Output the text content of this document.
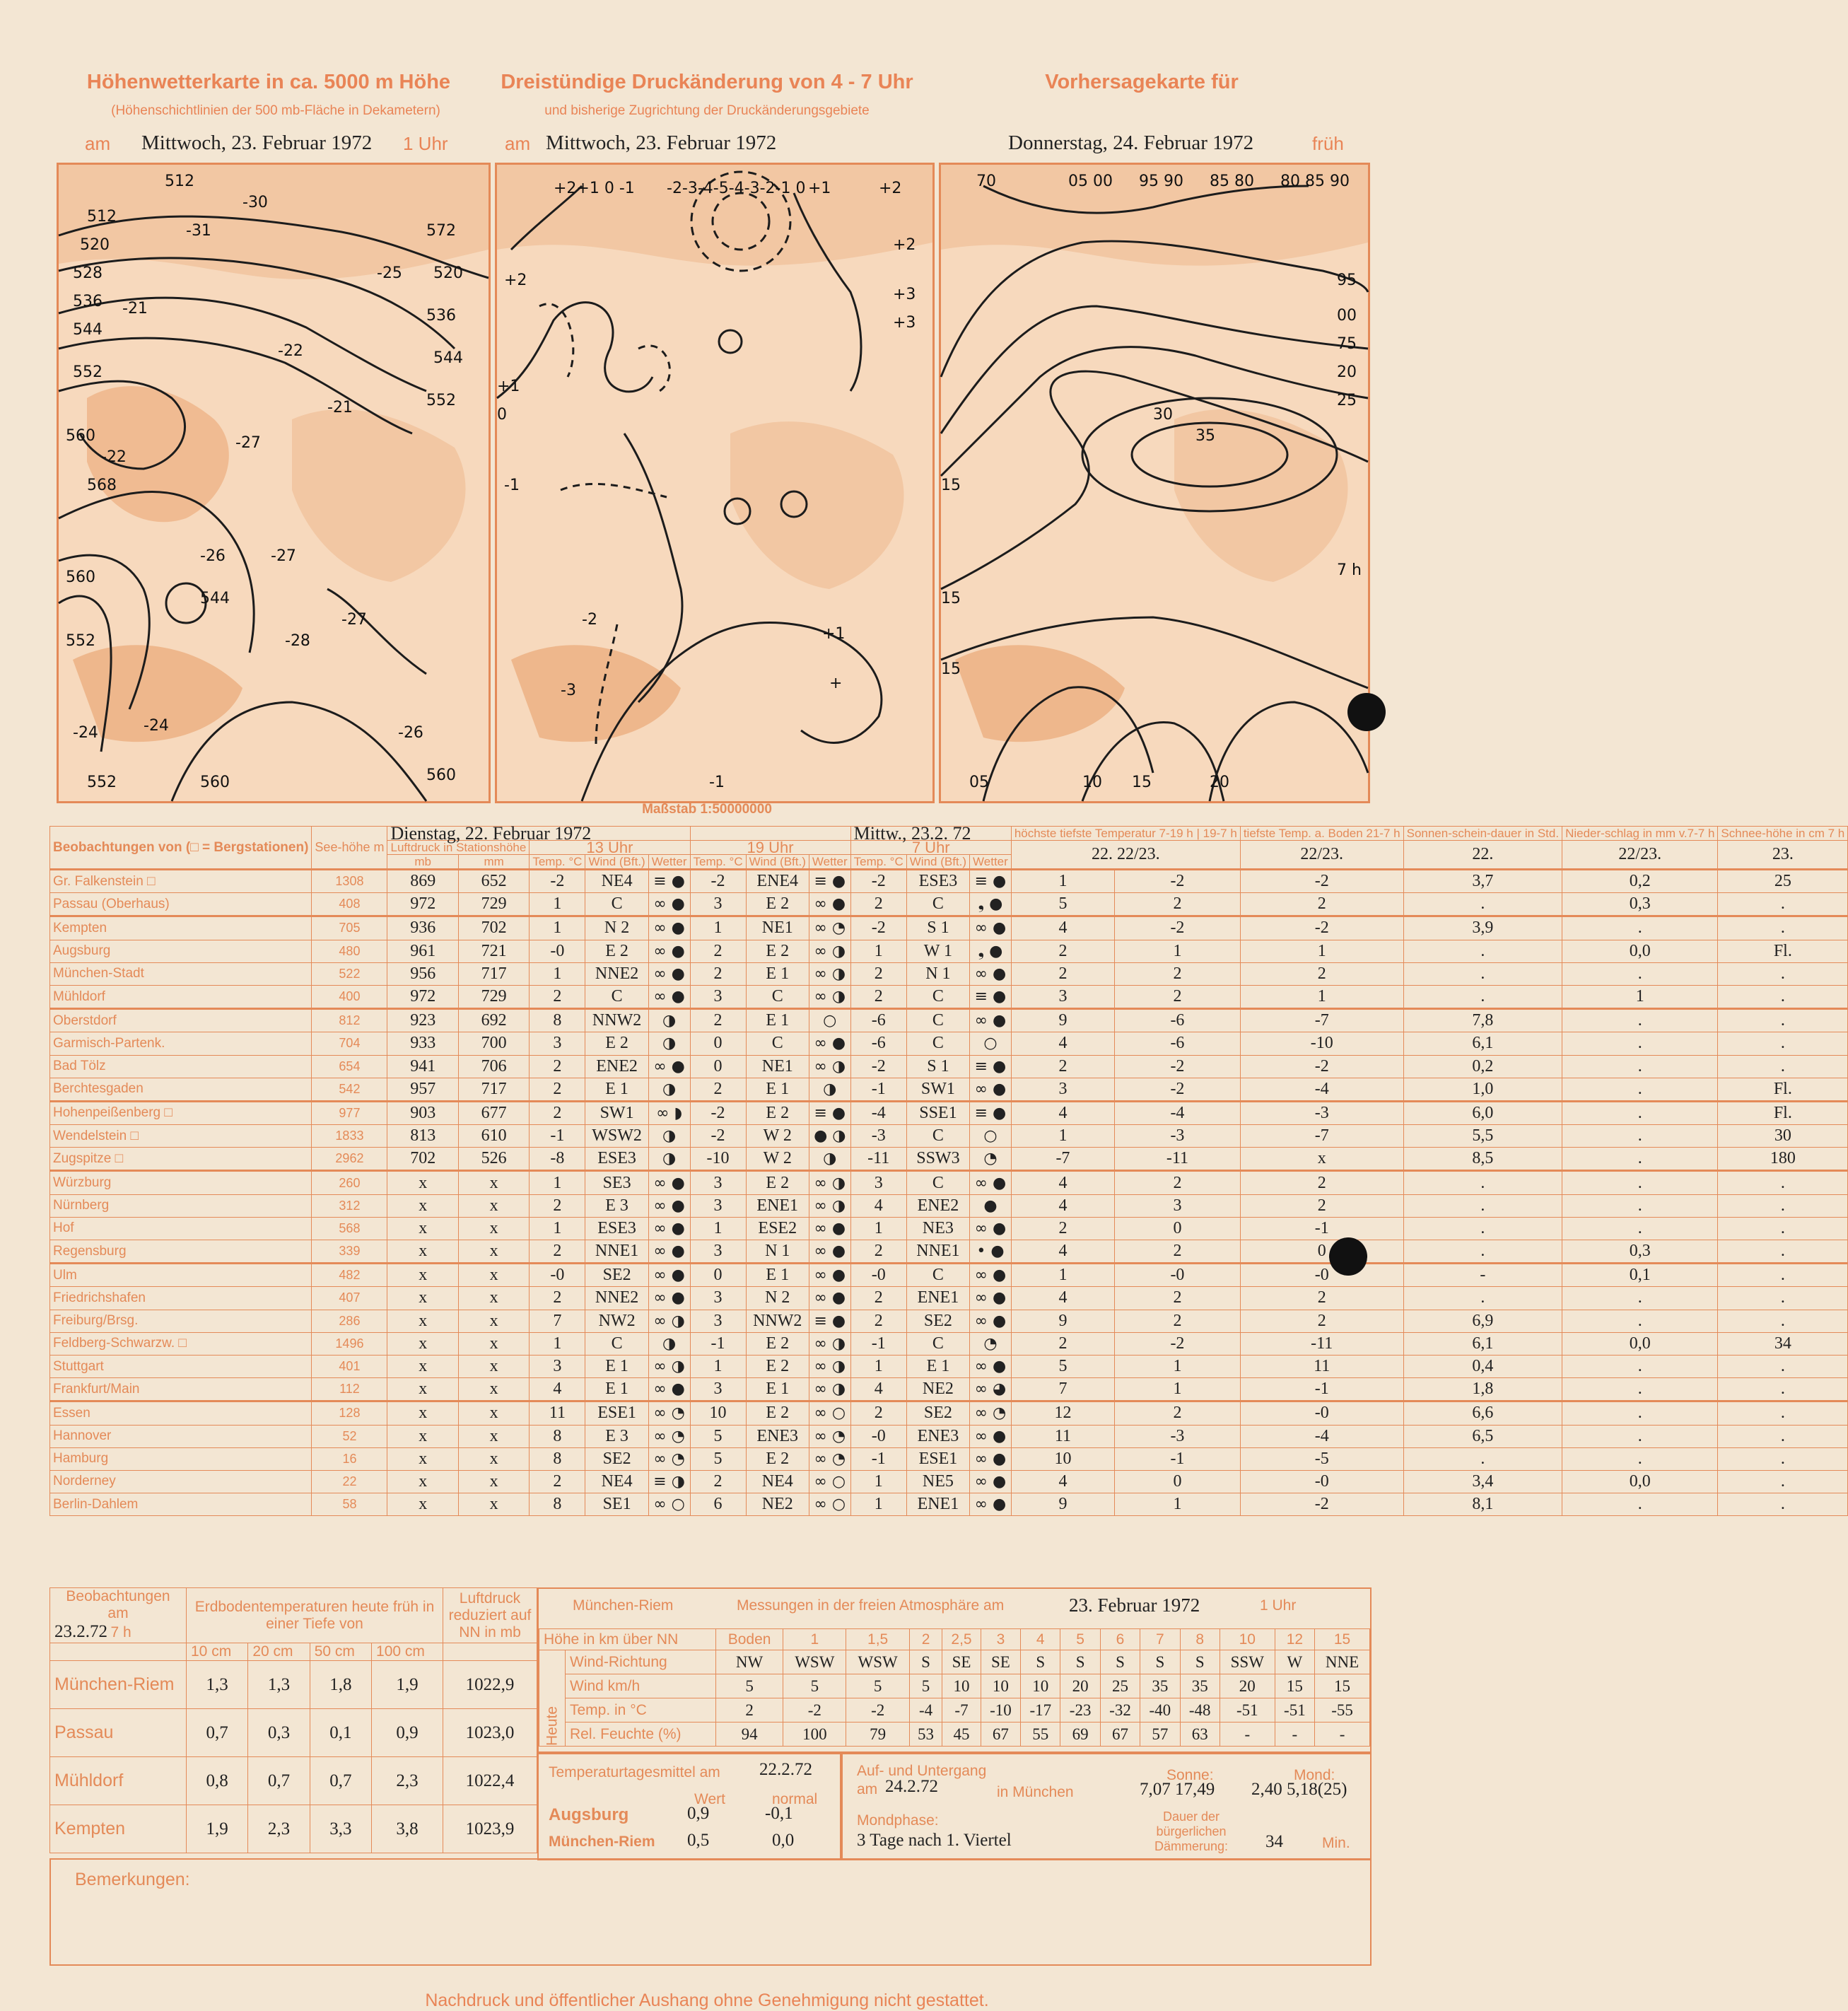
Höhenwetterkarte in ca. 5000 m Höhe
(Höhenschichtlinien der 500 mb-Fläche in Dekametern)
am Mittwoch, 23. Februar 1972 1 Uhr
Dreistündige Druckänderung von 4 - 7 Uhr
und bisherige Zugrichtung der Druckänderungsgebiete
am Mittwoch, 23. Februar 1972
Vorhersagekarte für
Donnerstag, 24. Februar 1972	früh
512
512
520
528
536
544
552
560
560
552
552	560	560
572
520
536
544
552
-30
-31
-25
-21
-22
-21
-27
-22
-26	-27
-27
-28
-24	-24	-26
544
568
+2+1 0 -1 -2-3-4-5-4-3-2-1 0 +1	+2
+2
+2
+3
+3
+1
0
-1
-2
-3
+1
-1
+
70	05 00 95 90 85 80 80 85 90
95
00
75
20
25
15
15
15
05	10 15	20
7 h
35
30
Maßstab 1:50000000
Beobachtungen von (□ = Bergstationen)	See-höhe m	Dienstag, 22. Februar 1972								Mittw., 23.2. 72			höchste tiefste Temperatur 7-19 h | 19-7 h		tiefste Temp. a. Boden 21-7 h	Sonnen-schein-dauer in Std.	Nieder-schlag in mm v.7-7 h	Schnee-höhe in cm 7 h
		Luftdruck in Stationshöhe		13 Uhr			19 Uhr			7 Uhr			22. 22/23.		22/23.	22.	22/23.	23.
		mb	mm	Temp. °C	Wind (Bft.)	Wetter	Temp. °C	Wind (Bft.)	Wetter	Temp. °C	Wind (Bft.)	Wetter						
Gr. Falkenstein □	1308	869	652	-2	NE4	≡ ●	-2	ENE4	≡ ●	-2	ESE3	≡ ●	1	-2	-2	3,7	0,2	25
Passau (Oberhaus)	408	972	729	1	C	∞ ●	3	E 2	∞ ●	2	C	❟ ●	5	2	2	.	0,3	.
Kempten	705	936	702	1	N 2	∞ ●	1	NE1	∞ ◔	-2	S 1	∞ ●	4	-2	-2	3,9	.	.
Augsburg	480	961	721	-0	E 2	∞ ●	2	E 2	∞ ◑	1	W 1	❟ ●	2	1	1	.	0,0	Fl.
München-Stadt	522	956	717	1	NNE2	∞ ●	2	E 1	∞ ◑	2	N 1	∞ ●	2	2	2	.	.	.
Mühldorf	400	972	729	2	C	∞ ●	3	C	∞ ◑	2	C	≡ ●	3	2	1	.	1	.
Oberstdorf	812	923	692	8	NNW2	◑	2	E 1	○	-6	C	∞ ●	9	-6	-7	7,8	.	.
Garmisch-Partenk.	704	933	700	3	E 2	◑	0	C	∞ ●	-6	C	○	4	-6	-10	6,1	.	.
Bad Tölz	654	941	706	2	ENE2	∞ ●	0	NE1	∞ ◑	-2	S 1	≡ ●	2	-2	-2	0,2	.	.
Berchtesgaden	542	957	717	2	E 1	◑	2	E 1	◑	-1	SW1	∞ ●	3	-2	-4	1,0	.	Fl.
Hohenpeißenberg □	977	903	677	2	SW1	∞ ◗	-2	E 2	≡ ●	-4	SSE1	≡ ●	4	-4	-3	6,0	.	Fl.
Wendelstein □	1833	813	610	-1	WSW2	◑	-2	W 2	● ◑	-3	C	○	1	-3	-7	5,5	.	30
Zugspitze □	2962	702	526	-8	ESE3	◑	-10	W 2	◑	-11	SSW3	◔	-7	-11	x	8,5	.	180
Würzburg	260	x	x	1	SE3	∞ ●	3	E 2	∞ ◑	3	C	∞ ●	4	2	2	.	.	.
Nürnberg	312	x	x	2	E 3	∞ ●	3	ENE1	∞ ◑	4	ENE2	●	4	3	2	.	.	.
Hof	568	x	x	1	ESE3	∞ ●	1	ESE2	∞ ●	1	NE3	∞ ●	2	0	-1	.	.	.
Regensburg	339	x	x	2	NNE1	∞ ●	3	N 1	∞ ●	2	NNE1	• ●	4	2	0	.	0,3	.
Ulm	482	x	x	-0	SE2	∞ ●	0	E 1	∞ ●	-0	C	∞ ●	1	-0	-0	-	0,1	.
Friedrichshafen	407	x	x	2	NNE2	∞ ●	3	N 2	∞ ●	2	ENE1	∞ ●	4	2	2	.	.	.
Freiburg/Brsg.	286	x	x	7	NW2	∞ ◑	3	NNW2	≡ ●	2	SE2	∞ ●	9	2	2	6,9	.	.
Feldberg-Schwarzw. □	1496	x	x	1	C	◑	-1	E 2	∞ ◑	-1	C	◔	2	-2	-11	6,1	0,0	34
Stuttgart	401	x	x	3	E 1	∞ ◑	1	E 2	∞ ◑	1	E 1	∞ ●	5	1	11	0,4	.	.
Frankfurt/Main	112	x	x	4	E 1	∞ ●	3	E 1	∞ ◑	4	NE2	∞ ◕	7	1	-1	1,8	.	.
Essen	128	x	x	11	ESE1	∞ ◔	10	E 2	∞ ○	2	SE2	∞ ◔	12	2	-0	6,6	.	.
Hannover	52	x	x	8	E 3	∞ ◔	5	ENE3	∞ ◔	-0	ENE3	∞ ●	11	-3	-4	6,5	.	.
Hamburg	16	x	x	8	SE2	∞ ◔	5	E 2	∞ ◔	-1	ESE1	∞ ●	10	-1	-5	.	.	.
Norderney	22	x	x	2	NE4	≡ ◑	2	NE4	∞ ○	1	NE5	∞ ●	4	0	-0	3,4	0,0	.
Berlin-Dahlem	58	x	x	8	SE1	∞ ○	6	NE2	∞ ○	1	ENE1	∞ ●	9	1	-2	8,1	.	.
Beobachtungen am
23.2.72 7 h	Erdbodentemperaturen heute früh in einer Tiefe von				Luftdruck reduziert auf NN in mb
	10 cm	20 cm	50 cm	100 cm	
München-Riem	1,3	1,3	1,8	1,9	1022,9
Passau	0,7	0,3	0,1	0,9	1023,0
Mühldorf	0,8	0,7	0,7	2,3	1022,4
Kempten	1,9	2,3	3,3	3,8	1023,9
München-Riem	Messungen in der freien Atmosphäre am	23. Februar 1972	1 Uhr
Höhe in km über NN		Boden	1	1,5	2	2,5	3	4	5	6	7	8	10	12	15
Heute	Wind-Richtung	NW	WSW	WSW	S	SE	SE	S	S	S	S	S	SSW	W	NNE
	Wind km/h	5	5	5	5	10	10	10	20	25	35	35	20	15	15
	Temp. in °C	2	-2	-2	-4	-7	-10	-17	-23	-32	-40	-48	-51	-51	-55
	Rel. Feuchte (%)	94	100	79	53	45	67	55	69	67	57	63	-	-	-
Temperaturtagesmittel am 22.2.72
Wert	normal
Augsburg	0,9	-0,1
München-Riem 0,5	0,0
Auf- und Untergang
am 24.2.72	in München
Sonne:
7,07 17,49
Mond:
2,40 5,18(25)
Mondphase:
3 Tage nach 1. Viertel
Dauer der bürgerlichen Dämmerung:	34	Min.
Bemerkungen:
Nachdruck und öffentlicher Aushang ohne Genehmigung nicht gestattet.
